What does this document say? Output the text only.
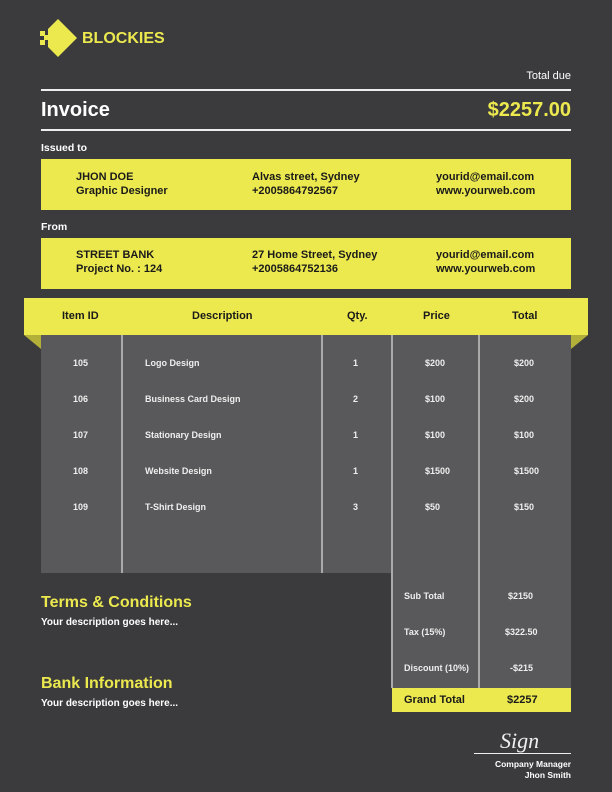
BLOCKIES
Total due
Invoice	$2257.00
Issued to
JHON DOE
Graphic Designer
Alvas street, Sydney
+2005864792567
yourid@email.com
www.yourweb.com
From
STREET BANK
Project No. : 124
27 Home Street, Sydney
+2005864752136
yourid@email.com
www.yourweb.com
Item ID	Description	Qty.	Price	Total
105	Logo Design	1	$200	$200
106	Business Card Design	2	$100	$200
107	Stationary Design	1	$100	$100
108	Website Design	1	$1500	$1500
109	T-Shirt Design	3	$50	$150
Sub Total	$2150
Tax (15%)	$322.50
Discount (10%)	-$215
Grand Total	$2257
Terms & Conditions
Your description goes here...
Bank Information
Your description goes here...
Sign
Company Manager
Jhon Smith
